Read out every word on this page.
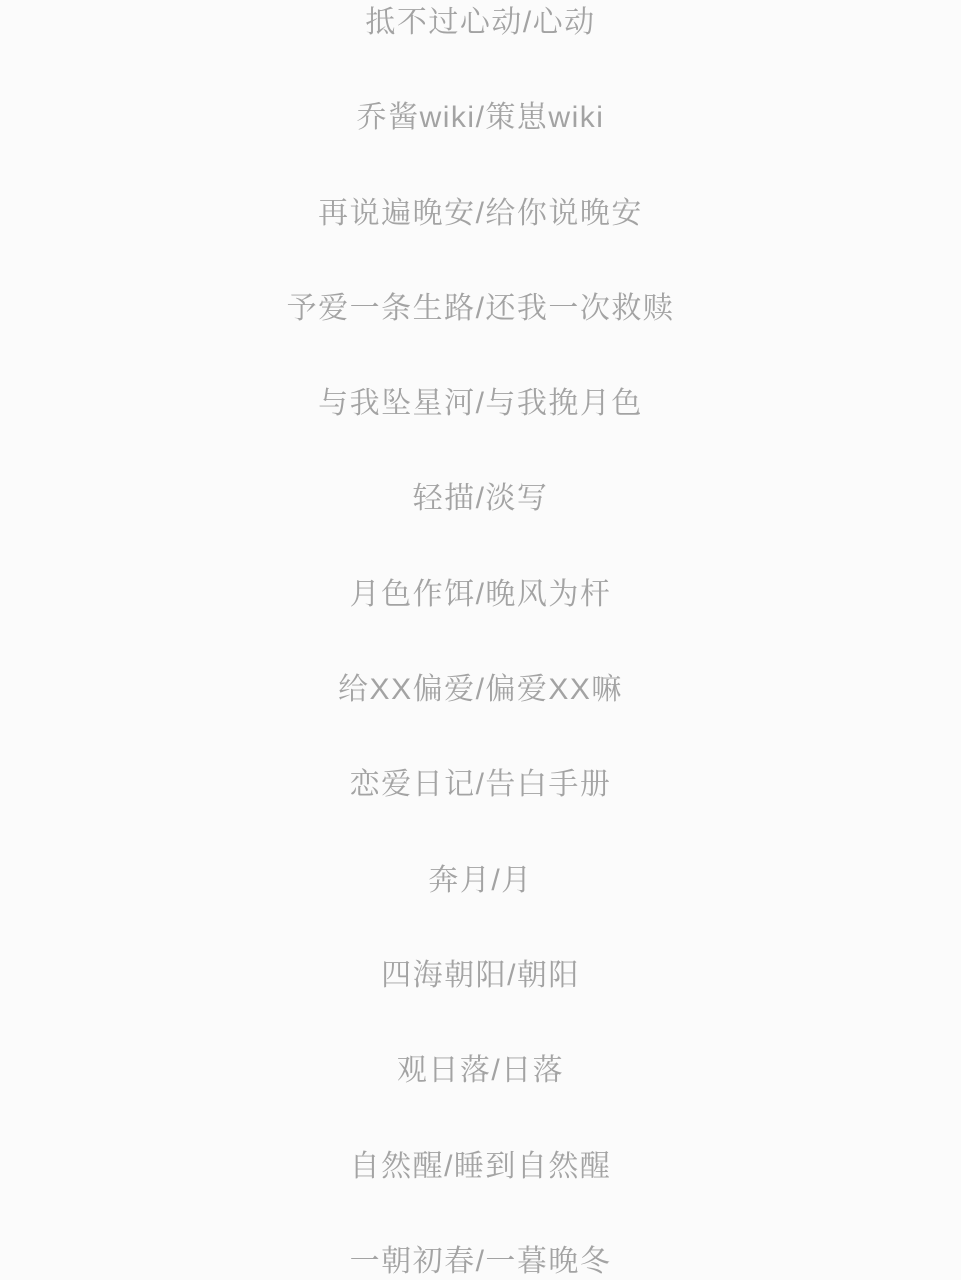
抵不过心动/心动
乔酱wiki/策崽wiki
再说遍晚安/给你说晚安
予爱一条生路/还我一次救赎
与我坠星河/与我挽月色
轻描/淡写
月色作饵/晚风为杆
给XX偏爱/偏爱XX嘛
恋爱日记/告白手册
奔月/月
四海朝阳/朝阳
观日落/日落
自然醒/睡到自然醒
一朝初春/一暮晚冬
